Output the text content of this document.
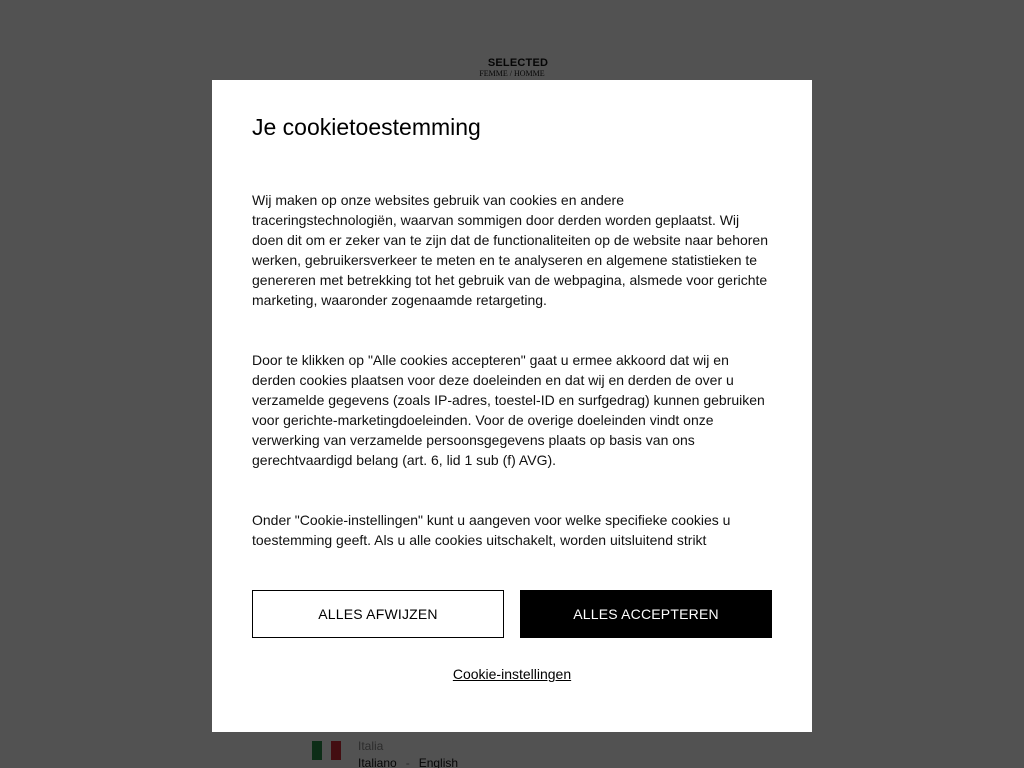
Je cookietoestemming

Wij maken op onze websites gebruik van cookies en andere traceringstechnologiën, waarvan sommigen door derden worden geplaatst. Wij doen dit om er zeker van te zijn dat de functionaliteiten op de website naar behoren werken, gebruikersverkeer te meten en te analyseren en algemene statistieken te genereren met betrekking tot het gebruik van de webpagina, alsmede voor gerichte marketing, waaronder zogenaamde retargeting.

Door te klikken op "Alle cookies accepteren" gaat u ermee akkoord dat wij en derden cookies plaatsen voor deze doeleinden en dat wij en derden de over u verzamelde gegevens (zoals IP-adres, toestel-ID en surfgedrag) kunnen gebruiken voor gerichte-marketingdoeleinden. Voor de overige doeleinden vindt onze verwerking van verzamelde persoonsgegevens plaats op basis van ons gerechtvaardigd belang (art. 6, lid 1 sub (f) AVG).

Onder "Cookie-instellingen" kunt u aangeven voor welke specifieke cookies u toestemming geeft. Als u alle cookies uitschakelt, worden uitsluitend strikt

ALLES AFWIJZEN	ALLES ACCEPTEREN
Cookie-instellingen
